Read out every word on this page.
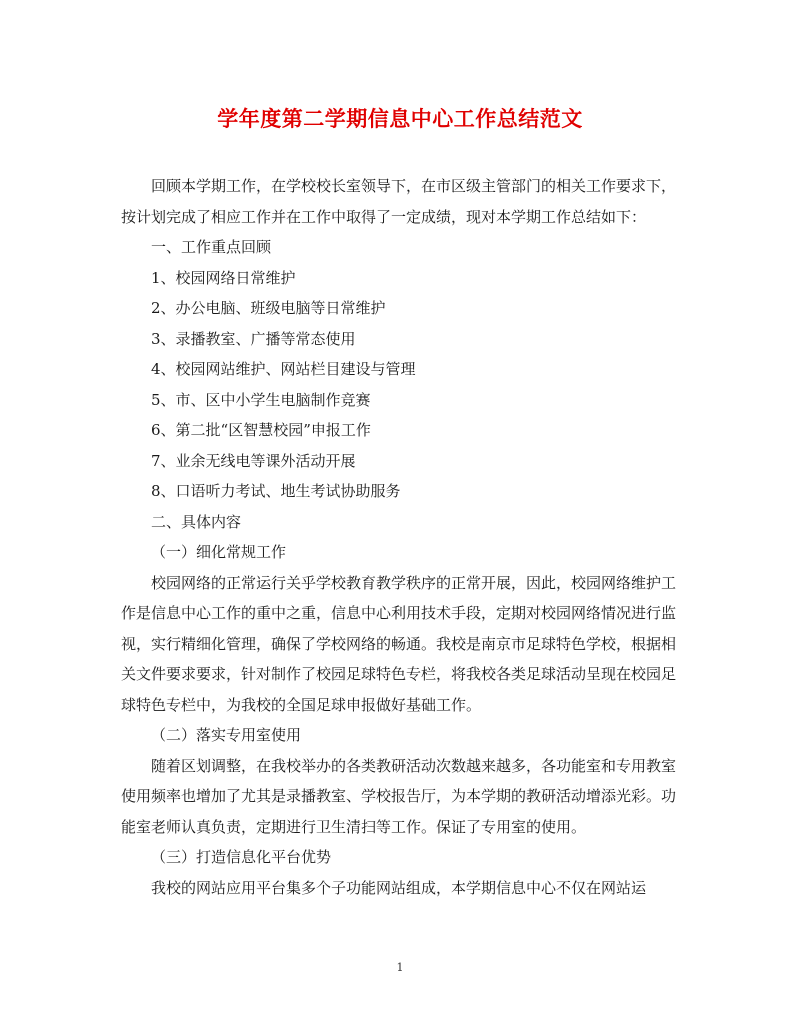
学年度第二学期信息中心工作总结范文

回顾本学期工作，在学校校长室领导下，在市区级主管部门的相关工作要求下，按计划完成了相应工作并在工作中取得了一定成绩，现对本学期工作总结如下：

一、工作重点回顾

1、校园网络日常维护

2、办公电脑、班级电脑等日常维护

3、录播教室、广播等常态使用

4、校园网站维护、网站栏目建设与管理

5、市、区中小学生电脑制作竞赛

6、第二批“区智慧校园”申报工作

7、业余无线电等课外活动开展

8、口语听力考试、地生考试协助服务

二、具体内容

（一）细化常规工作

校园网络的正常运行关乎学校教育教学秩序的正常开展，因此，校园网络维护工作是信息中心工作的重中之重，信息中心利用技术手段，定期对校园网络情况进行监视，实行精细化管理，确保了学校网络的畅通。我校是南京市足球特色学校，根据相关文件要求要求，针对制作了校园足球特色专栏，将我校各类足球活动呈现在校园足球特色专栏中，为我校的全国足球申报做好基础工作。

（二）落实专用室使用

随着区划调整，在我校举办的各类教研活动次数越来越多，各功能室和专用教室使用频率也增加了尤其是录播教室、学校报告厅，为本学期的教研活动增添光彩。功能室老师认真负责，定期进行卫生清扫等工作。保证了专用室的使用。

（三）打造信息化平台优势

我校的网站应用平台集多个子功能网站组成，本学期信息中心不仅在网站运

1
